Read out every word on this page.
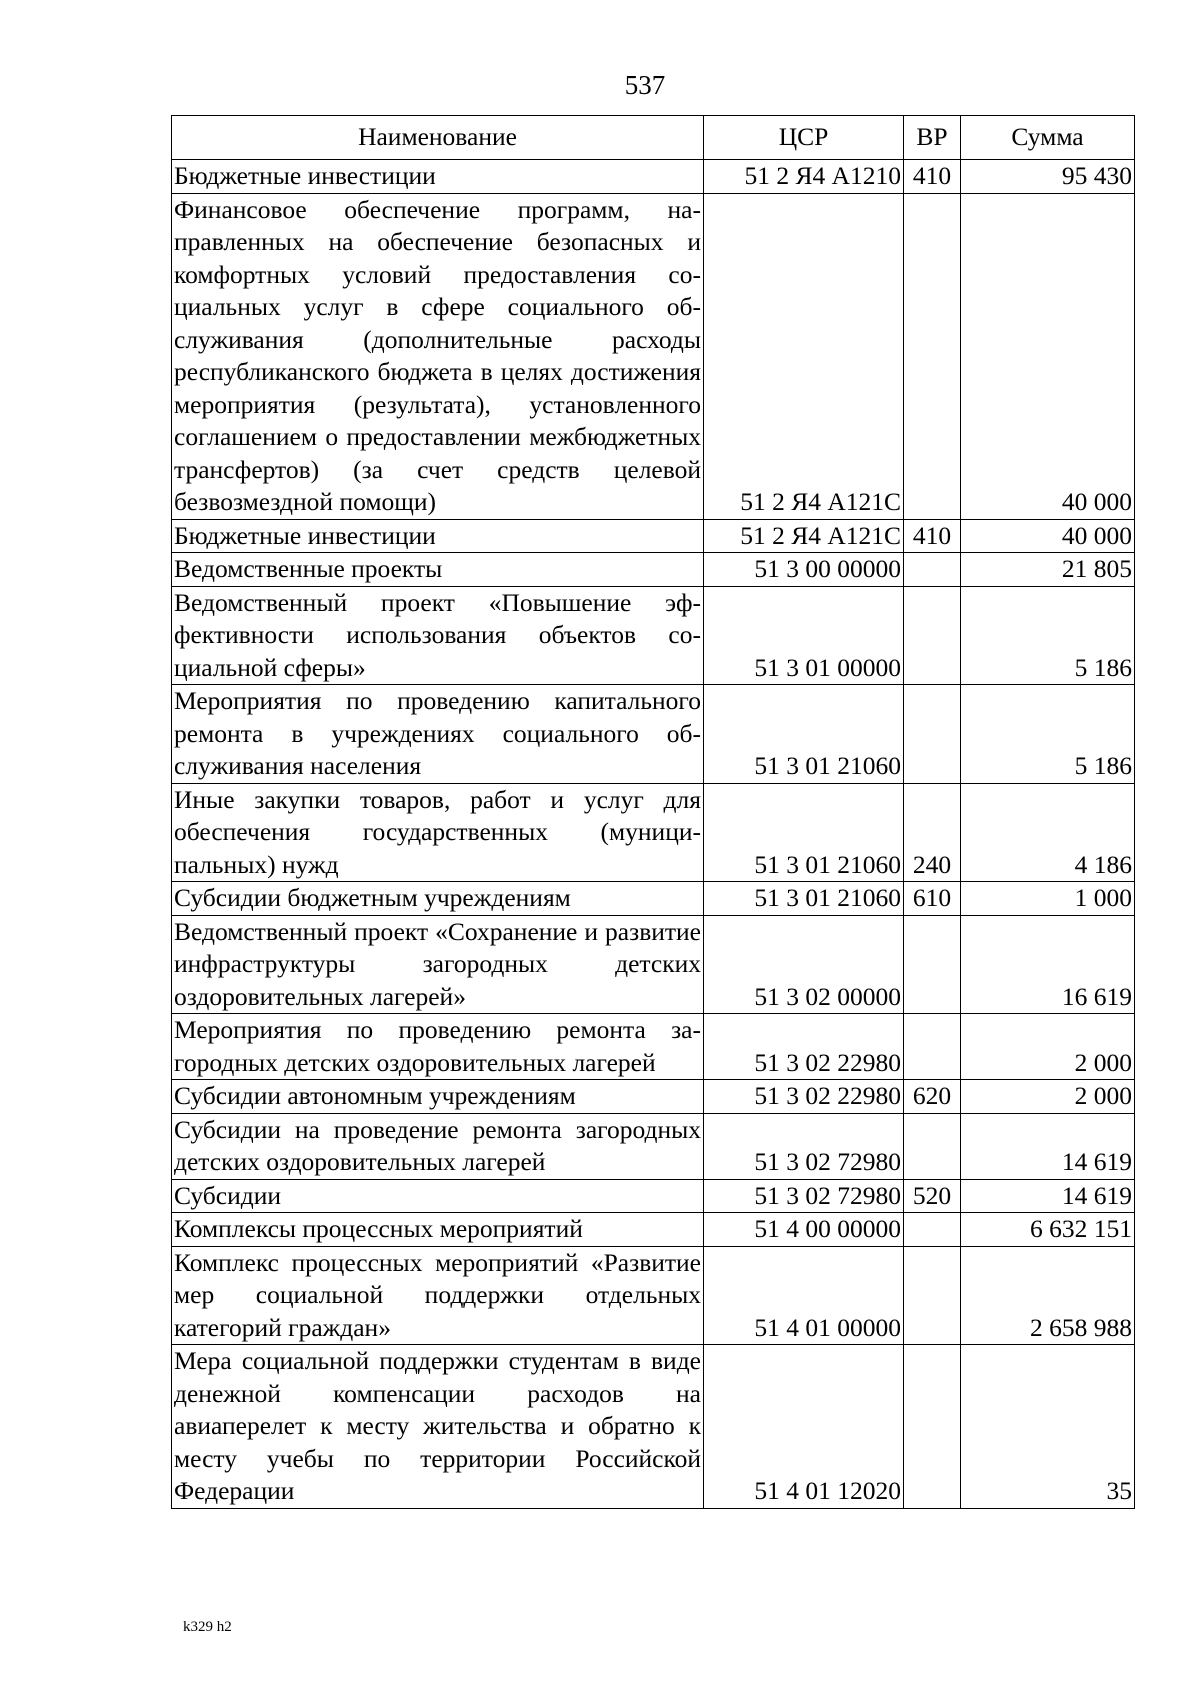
537
Наименование	ЦСР	ВР	Сумма
Бюджетные инвестиции	51 2 Я4 А1210	410	95 430
Финансовое обеспечение программ, направленных на обеспечение безопасных и комфортных условий предоставления социальных услуг в сфере социального обслуживания (дополнительные расходы республиканского бюджета в целях достижения мероприятия (результата), установленного соглашением о предоставлении межбюджетных трансфертов) (за счет средств целевой безвозмездной помощи)	51 2 Я4 А121С		40 000
Бюджетные инвестиции	51 2 Я4 А121С	410	40 000
Ведомственные проекты	51 3 00 00000		21 805
Ведомственный проект «Повышение эффективности использования объектов социальной сферы»	51 3 01 00000		5 186
Мероприятия по проведению капитального ремонта в учреждениях социального обслуживания населения	51 3 01 21060		5 186
Иные закупки товаров, работ и услуг для обеспечения государственных (муниципальных) нужд	51 3 01 21060	240	4 186
Субсидии бюджетным учреждениям	51 3 01 21060	610	1 000
Ведомственный проект «Сохранение и развитие инфраструктуры загородных детских оздоровительных лагерей»	51 3 02 00000		16 619
Мероприятия по проведению ремонта загородных детских оздоровительных лагерей	51 3 02 22980		2 000
Субсидии автономным учреждениям	51 3 02 22980	620	2 000
Субсидии на проведение ремонта загородных детских оздоровительных лагерей	51 3 02 72980		14 619
Субсидии	51 3 02 72980	520	14 619
Комплексы процессных мероприятий	51 4 00 00000		6 632 151
Комплекс процессных мероприятий «Развитие мер социальной поддержки отдельных категорий граждан»	51 4 01 00000		2 658 988
Мера социальной поддержки студентам в виде денежной компенсации расходов на авиаперелет к месту жительства и обратно к месту учебы по территории Российской Федерации	51 4 01 12020		35
k329 h2
